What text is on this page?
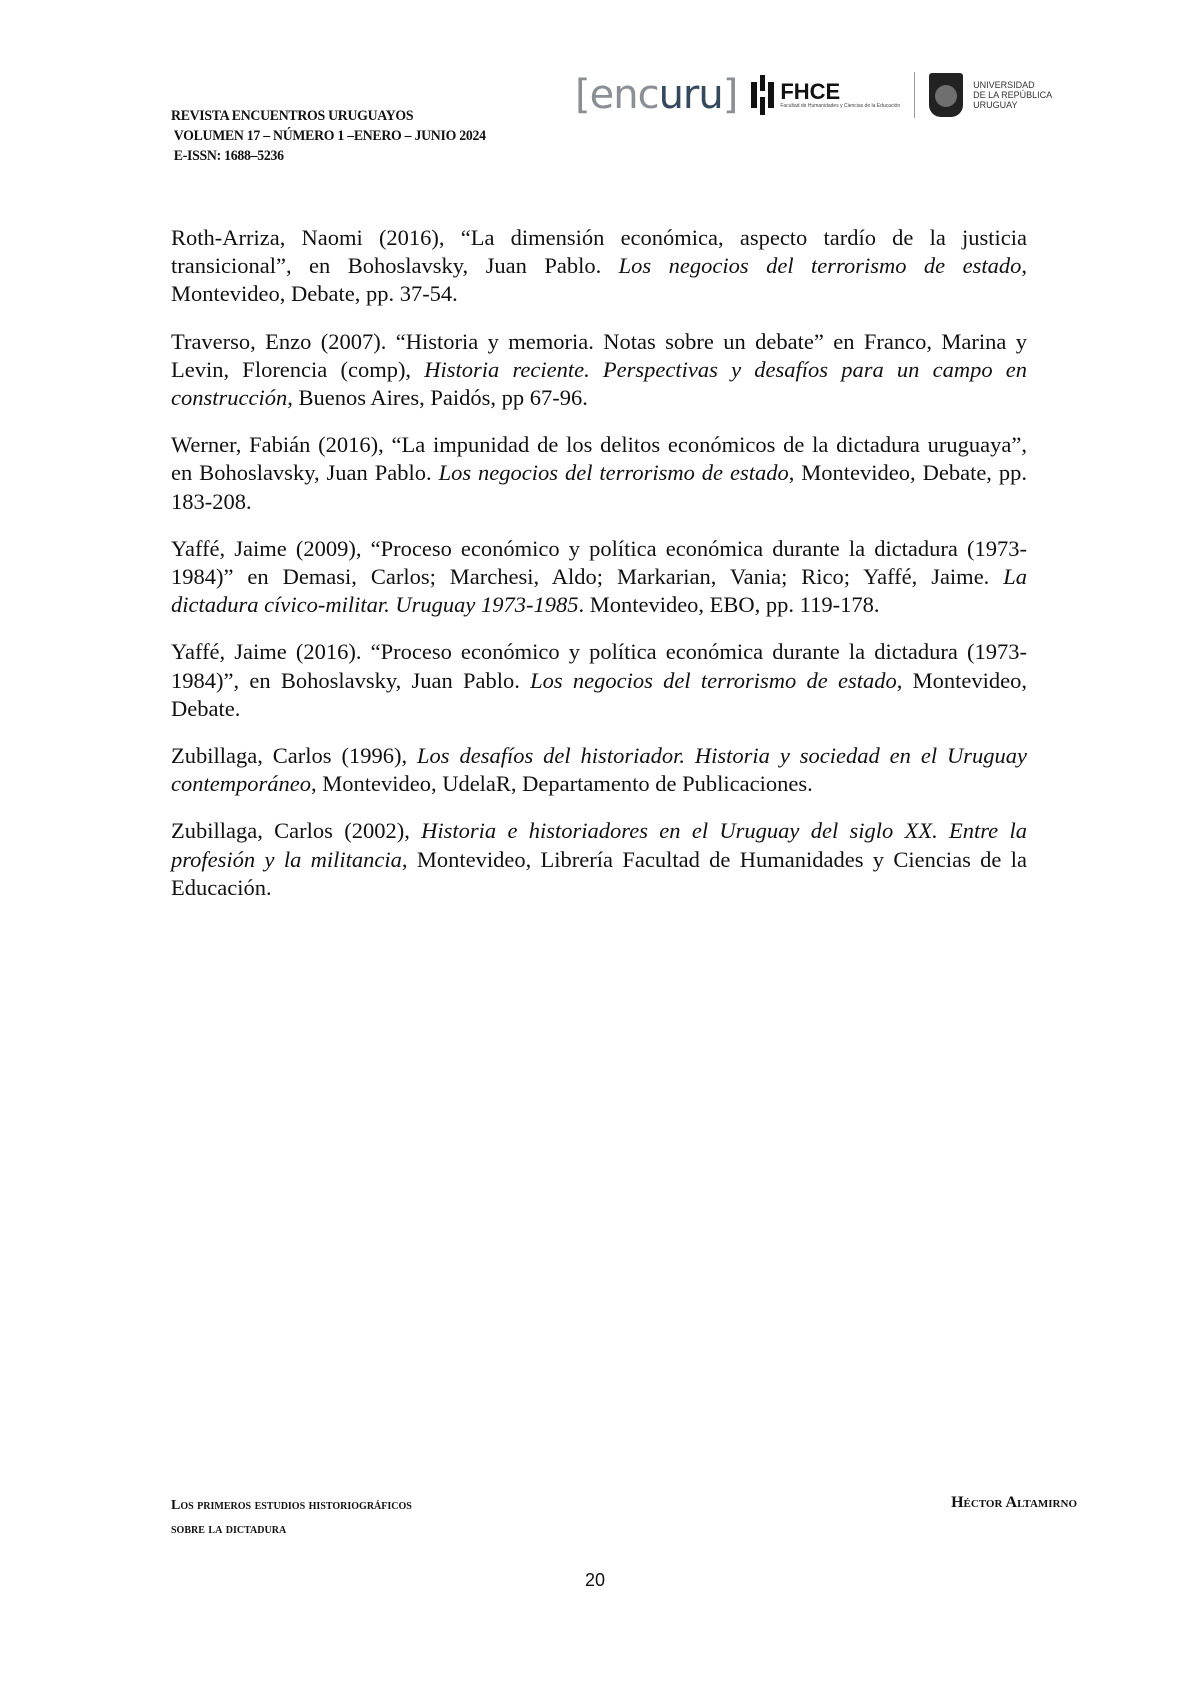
REVISTA ENCUENTROS URUGUAYOS
VOLUMEN 17 – NÚMERO 1 –ENERO – JUNIO 2024
E-ISSN: 1688–5236
[encuru] FHCE
Facultad de Humanidades y Ciencias de la Educación
UNIVERSIDAD
DE LA REPÚBLICA
URUGUAY

Roth-Arriza, Naomi (2016), “La dimensión económica, aspecto tardío de la justicia transicional”, en Bohoslavsky, Juan Pablo. Los negocios del terrorismo de estado, Montevideo, Debate, pp. 37-54.

Traverso, Enzo (2007). “Historia y memoria. Notas sobre un debate” en Franco, Marina y Levin, Florencia (comp), Historia reciente. Perspectivas y desafíos para un campo en construcción, Buenos Aires, Paidós, pp 67-96.

Werner, Fabián (2016), “La impunidad de los delitos económicos de la dictadura uruguaya”, en Bohoslavsky, Juan Pablo. Los negocios del terrorismo de estado, Montevideo, Debate, pp. 183-208.

Yaffé, Jaime (2009), “Proceso económico y política económica durante la dictadura (1973-1984)” en Demasi, Carlos; Marchesi, Aldo; Markarian, Vania; Rico; Yaffé, Jaime. La dictadura cívico-militar. Uruguay 1973-1985. Montevideo, EBO, pp. 119-178.

Yaffé, Jaime (2016). “Proceso económico y política económica durante la dictadura (1973-1984)”, en Bohoslavsky, Juan Pablo. Los negocios del terrorismo de estado, Montevideo, Debate.

Zubillaga, Carlos (1996), Los desafíos del historiador. Historia y sociedad en el Uruguay contemporáneo, Montevideo, UdelaR, Departamento de Publicaciones.

Zubillaga, Carlos (2002), Historia e historiadores en el Uruguay del siglo XX. Entre la profesión y la militancia, Montevideo, Librería Facultad de Humanidades y Ciencias de la Educación.

Los primeros estudios historiográficos
sobre la dictadura
Héctor Altamirno
20
